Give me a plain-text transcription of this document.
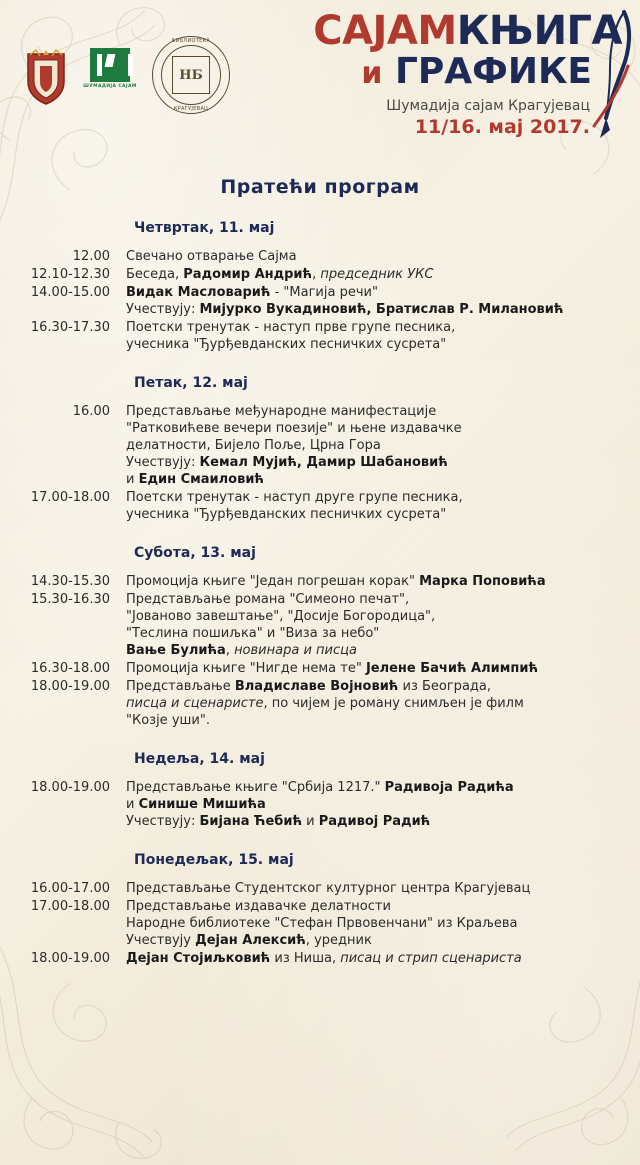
ШУМАДИЈА САЈАМ
БИБЛИОТЕКА
КРАГУЈЕВАЦ
НБ
САЈАМКЊИГА
и ГРАФИКЕ
Шумадија сајам Крагујевац
11/16. мај 2017.
Пратећи програм
Четвртак, 11. мај
12.00	Свечано отварање Сајма
12.10-12.30	Беседа, Радомир Андрић, председник УКС
14.00-15.00	Видак Масловарић - "Магија речи"
Учествују: Мијурко Вукадиновић, Братислав Р. Милановић
16.30-17.30	Поетски тренутак - наступ прве групе песника,
учесника "Ђурђевданских песничких сусрета"
Петак, 12. мај
16.00	Представљање међународне манифестације
"Ратковићеве вечери поезије" и њене издавачке
делатности, Бијело Поље, Црна Гора
Учествују: Кемал Мујић, Дамир Шабановић
и Един Смаиловић
17.00-18.00	Поетски тренутак - наступ друге групе песника,
учесника "Ђурђевданских песничких сусрета"
Субота, 13. мај
14.30-15.30	Промоција књиге "Један погрешан корак" Марка Поповића
15.30-16.30	Представљање романа "Симеоно печат",
"Јованово завештање", "Досије Богородица",
"Теслина пошиљка" и "Виза за небо"
Вање Булића, новинара и писца
16.30-18.00	Промоција књиге "Нигде нема те" Јелене Бачић Алимпић
18.00-19.00	Представљање Владиславе Војновић из Београда,
писца и сценаристе, по чијем је роману снимљен је филм
"Козје уши".
Недеља, 14. мај
18.00-19.00	Представљање књиге "Србија 1217." Радивоја Радића
и Синише Мишића
Учествују: Бијана Ћебић и Радивој Радић
Понедељак, 15. мај
16.00-17.00	Представљање Студентског културног центра Крагујевац
17.00-18.00	Представљање издавачке делатности
Народне библиотеке "Стефан Првовенчани" из Краљева
Учествују Дејан Алексић, уредник
18.00-19.00	Дејан Стојиљковић из Ниша, писац и стрип сценариста
